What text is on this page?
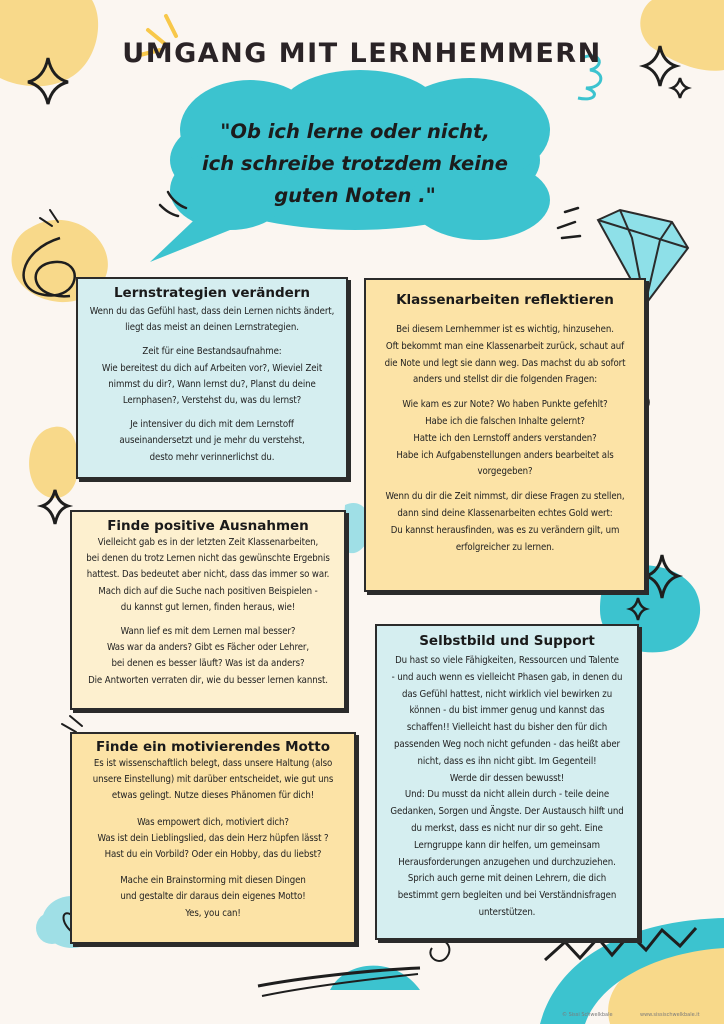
UMGANG MIT LERNHEMMERN
"Ob ich lerne oder nicht,
ich schreibe trotzdem keine
guten Noten ."
Lernstrategien verändern

Wenn du das Gefühl hast, dass dein Lernen nichts ändert,
liegt das meist an deinen Lernstrategien.

Zeit für eine Bestandsaufnahme:
Wie bereitest du dich auf Arbeiten vor?, Wieviel Zeit
nimmst du dir?, Wann lernst du?, Planst du deine
Lernphasen?, Verstehst du, was du lernst?

Je intensiver du dich mit dem Lernstoff
auseinandersetzt und je mehr du verstehst,
desto mehr verinnerlichst du.

Klassenarbeiten reflektieren

Bei diesem Lernhemmer ist es wichtig, hinzusehen.
Oft bekommt man eine Klassenarbeit zurück, schaut auf
die Note und legt sie dann weg. Das machst du ab sofort
anders und stellst dir die folgenden Fragen:

Wie kam es zur Note? Wo haben Punkte gefehlt?
Habe ich die falschen Inhalte gelernt?
Hatte ich den Lernstoff anders verstanden?
Habe ich Aufgabenstellungen anders bearbeitet als
vorgegeben?

Wenn du dir die Zeit nimmst, dir diese Fragen zu stellen,
dann sind deine Klassenarbeiten echtes Gold wert:
Du kannst herausfinden, was es zu verändern gilt, um
erfolgreicher zu lernen.

Finde positive Ausnahmen

Vielleicht gab es in der letzten Zeit Klassenarbeiten,
bei denen du trotz Lernen nicht das gewünschte Ergebnis
hattest. Das bedeutet aber nicht, dass das immer so war.
Mach dich auf die Suche nach positiven Beispielen -
du kannst gut lernen, finden heraus, wie!

Wann lief es mit dem Lernen mal besser?
Was war da anders? Gibt es Fächer oder Lehrer,
bei denen es besser läuft? Was ist da anders?
Die Antworten verraten dir, wie du besser lernen kannst.

Selbstbild und Support

Du hast so viele Fähigkeiten, Ressourcen und Talente
- und auch wenn es vielleicht Phasen gab, in denen du
das Gefühl hattest, nicht wirklich viel bewirken zu
können - du bist immer genug und kannst das
schaffen!! Vielleicht hast du bisher den für dich
passenden Weg noch nicht gefunden - das heißt aber
nicht, dass es ihn nicht gibt. Im Gegenteil!
Werde dir dessen bewusst!
Und: Du musst da nicht allein durch - teile deine
Gedanken, Sorgen und Ängste. Der Austausch hilft und
du merkst, dass es nicht nur dir so geht. Eine
Lerngruppe kann dir helfen, um gemeinsam
Herausforderungen anzugehen und durchzuziehen.
Sprich auch gerne mit deinen Lehrern, die dich
bestimmt gern begleiten und bei Verständnisfragen
unterstützen.

Finde ein motivierendes Motto

Es ist wissenschaftlich belegt, dass unsere Haltung (also
unsere Einstellung) mit darüber entscheidet, wie gut uns
etwas gelingt. Nutze dieses Phänomen für dich!

Was empowert dich, motiviert dich?
Was ist dein Lieblingslied, das dein Herz hüpfen lässt ?
Hast du ein Vorbild? Oder ein Hobby, das du liebst?

Mache ein Brainstorming mit diesen Dingen
und gestalte dir daraus dein eigenes Motto!
Yes, you can!

© Sissi Schwelkbale	www.sissischwelkbale.it
